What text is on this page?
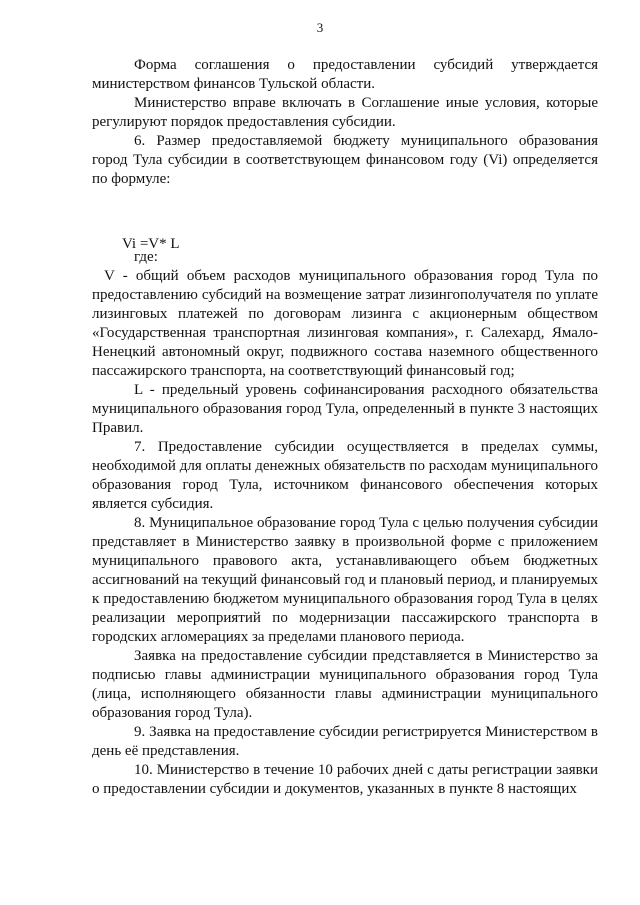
3

Форма соглашения о предоставлении субсидий утверждается министерством финансов Тульской области.

Министерство вправе включать в Соглашение иные условия, которые регулируют порядок предоставления субсидии.

6. Размер предоставляемой бюджету муниципального образования город Тула субсидии в соответствующем финансовом году (Vi) определяется по формуле:

Vi =V* L

где:

V - общий объем расходов муниципального образования город Тула по предоставлению субсидий на возмещение затрат лизингополучателя по уплате лизинговых платежей по договорам лизинга с акционерным обществом «Государственная транспортная лизинговая компания», г. Салехард, Ямало-Ненецкий автономный округ, подвижного состава наземного общественного пассажирского транспорта, на соответствующий финансовый год;

L - предельный уровень софинансирования расходного обязательства муниципального образования город Тула, определенный в пункте 3 настоящих Правил.

7. Предоставление субсидии осуществляется в пределах суммы, необходимой для оплаты денежных обязательств по расходам муниципального образования город Тула, источником финансового обеспечения которых является субсидия.

8. Муниципальное образование город Тула с целью получения субсидии представляет в Министерство заявку в произвольной форме с приложением муниципального правового акта, устанавливающего объем бюджетных ассигнований на текущий финансовый год и плановый период, и планируемых к предоставлению бюджетом муниципального образования город Тула в целях реализации мероприятий по модернизации пассажирского транспорта в городских агломерациях за пределами планового периода.

Заявка на предоставление субсидии представляется в Министерство за подписью главы администрации муниципального образования город Тула (лица, исполняющего обязанности главы администрации муниципального образования город Тула).

9. Заявка на предоставление субсидии регистрируется Министерством в день её представления.

10. Министерство в течение 10 рабочих дней с даты регистрации заявки о предоставлении субсидии и документов, указанных в пункте 8 настоящих
